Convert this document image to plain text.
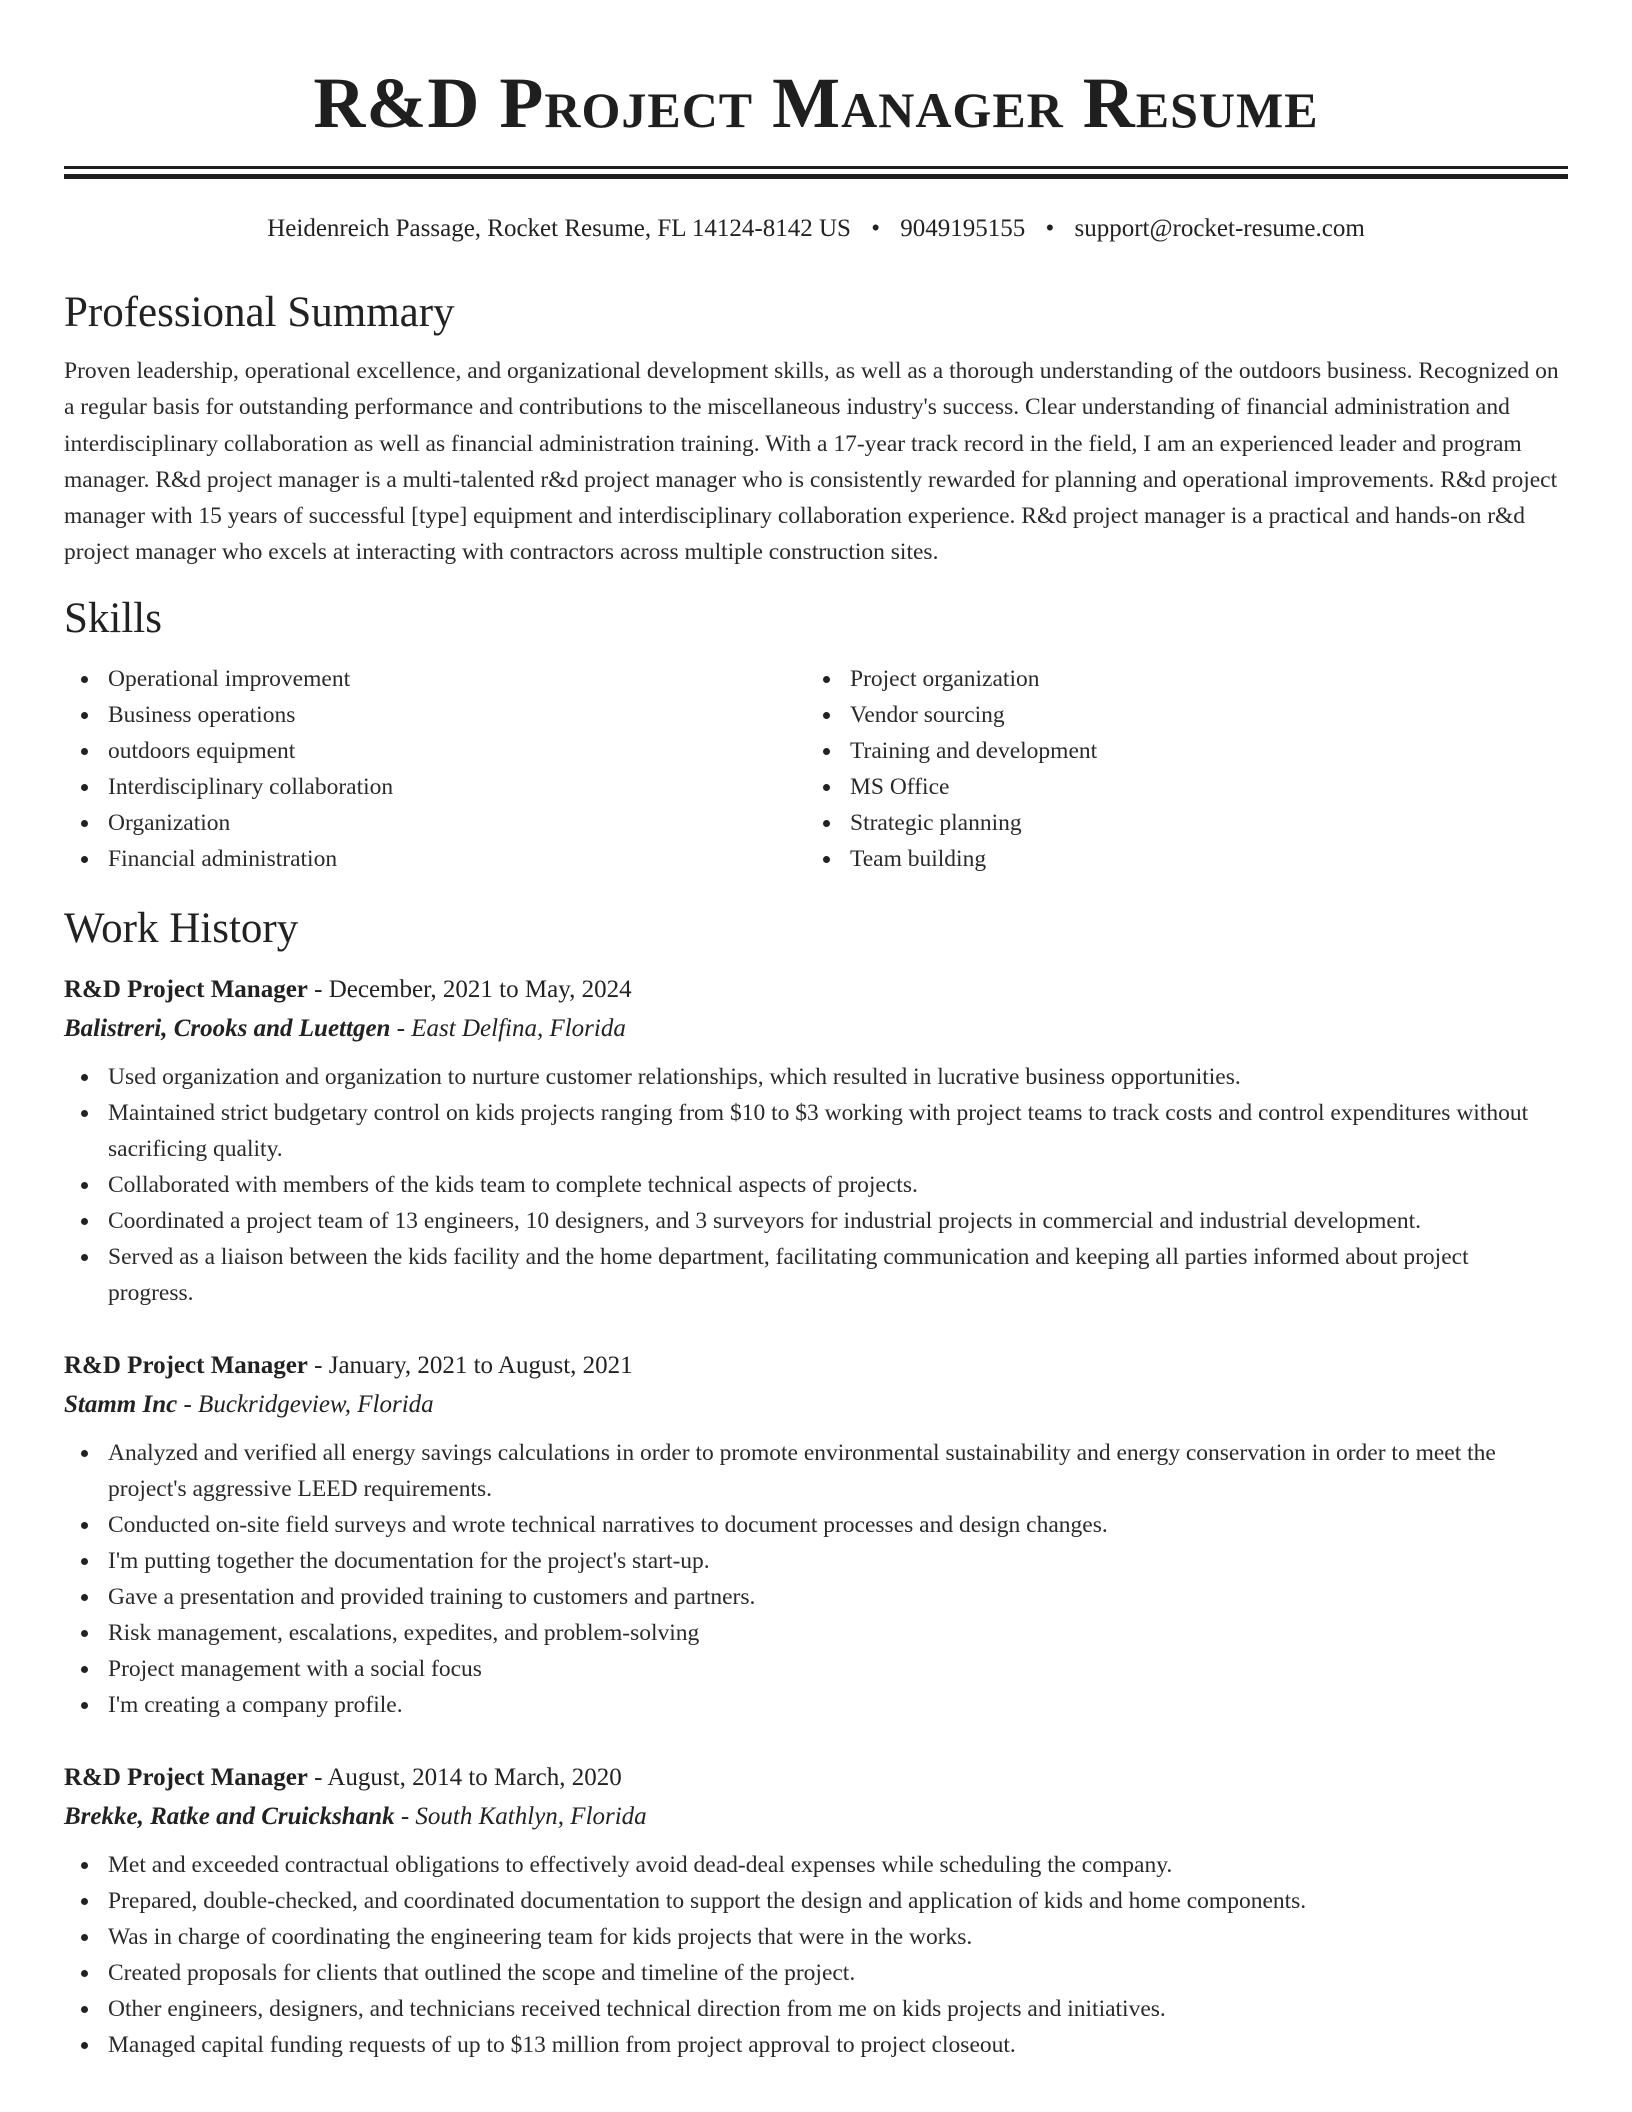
R&D Project Manager Resume
Heidenreich Passage, Rocket Resume, FL 14124-8142 US • 9049195155 • support@rocket-resume.com
Professional Summary

Proven leadership, operational excellence, and organizational development skills, as well as a thorough understanding of the outdoors business. Recognized on a regular basis for outstanding performance and contributions to the miscellaneous industry's success. Clear understanding of financial administration and interdisciplinary collaboration as well as financial administration training. With a 17-year track record in the field, I am an experienced leader and program manager. R&d project manager is a multi-talented r&d project manager who is consistently rewarded for planning and operational improvements. R&d project manager with 15 years of successful [type] equipment and interdisciplinary collaboration experience. R&d project manager is a practical and hands-on r&d project manager who excels at interacting with contractors across multiple construction sites.

Skills
Operational improvement
Business operations
outdoors equipment
Interdisciplinary collaboration
Organization
Financial administration
Project organization
Vendor sourcing
Training and development
MS Office
Strategic planning
Team building
Work History

R&D Project Manager - December, 2021 to May, 2024

Balistreri, Crooks and Luettgen - East Delfina, Florida

Used organization and organization to nurture customer relationships, which resulted in lucrative business opportunities.
Maintained strict budgetary control on kids projects ranging from $10 to $3 working with project teams to track costs and control expenditures without sacrificing quality.
Collaborated with members of the kids team to complete technical aspects of projects.
Coordinated a project team of 13 engineers, 10 designers, and 3 surveyors for industrial projects in commercial and industrial development.
Served as a liaison between the kids facility and the home department, facilitating communication and keeping all parties informed about project progress.

R&D Project Manager - January, 2021 to August, 2021

Stamm Inc - Buckridgeview, Florida

Analyzed and verified all energy savings calculations in order to promote environmental sustainability and energy conservation in order to meet the project's aggressive LEED requirements.
Conducted on-site field surveys and wrote technical narratives to document processes and design changes.
I'm putting together the documentation for the project's start-up.
Gave a presentation and provided training to customers and partners.
Risk management, escalations, expedites, and problem-solving
Project management with a social focus
I'm creating a company profile.

R&D Project Manager - August, 2014 to March, 2020

Brekke, Ratke and Cruickshank - South Kathlyn, Florida

Met and exceeded contractual obligations to effectively avoid dead-deal expenses while scheduling the company.
Prepared, double-checked, and coordinated documentation to support the design and application of kids and home components.
Was in charge of coordinating the engineering team for kids projects that were in the works.
Created proposals for clients that outlined the scope and timeline of the project.
Other engineers, designers, and technicians received technical direction from me on kids projects and initiatives.
Managed capital funding requests of up to $13 million from project approval to project closeout.
